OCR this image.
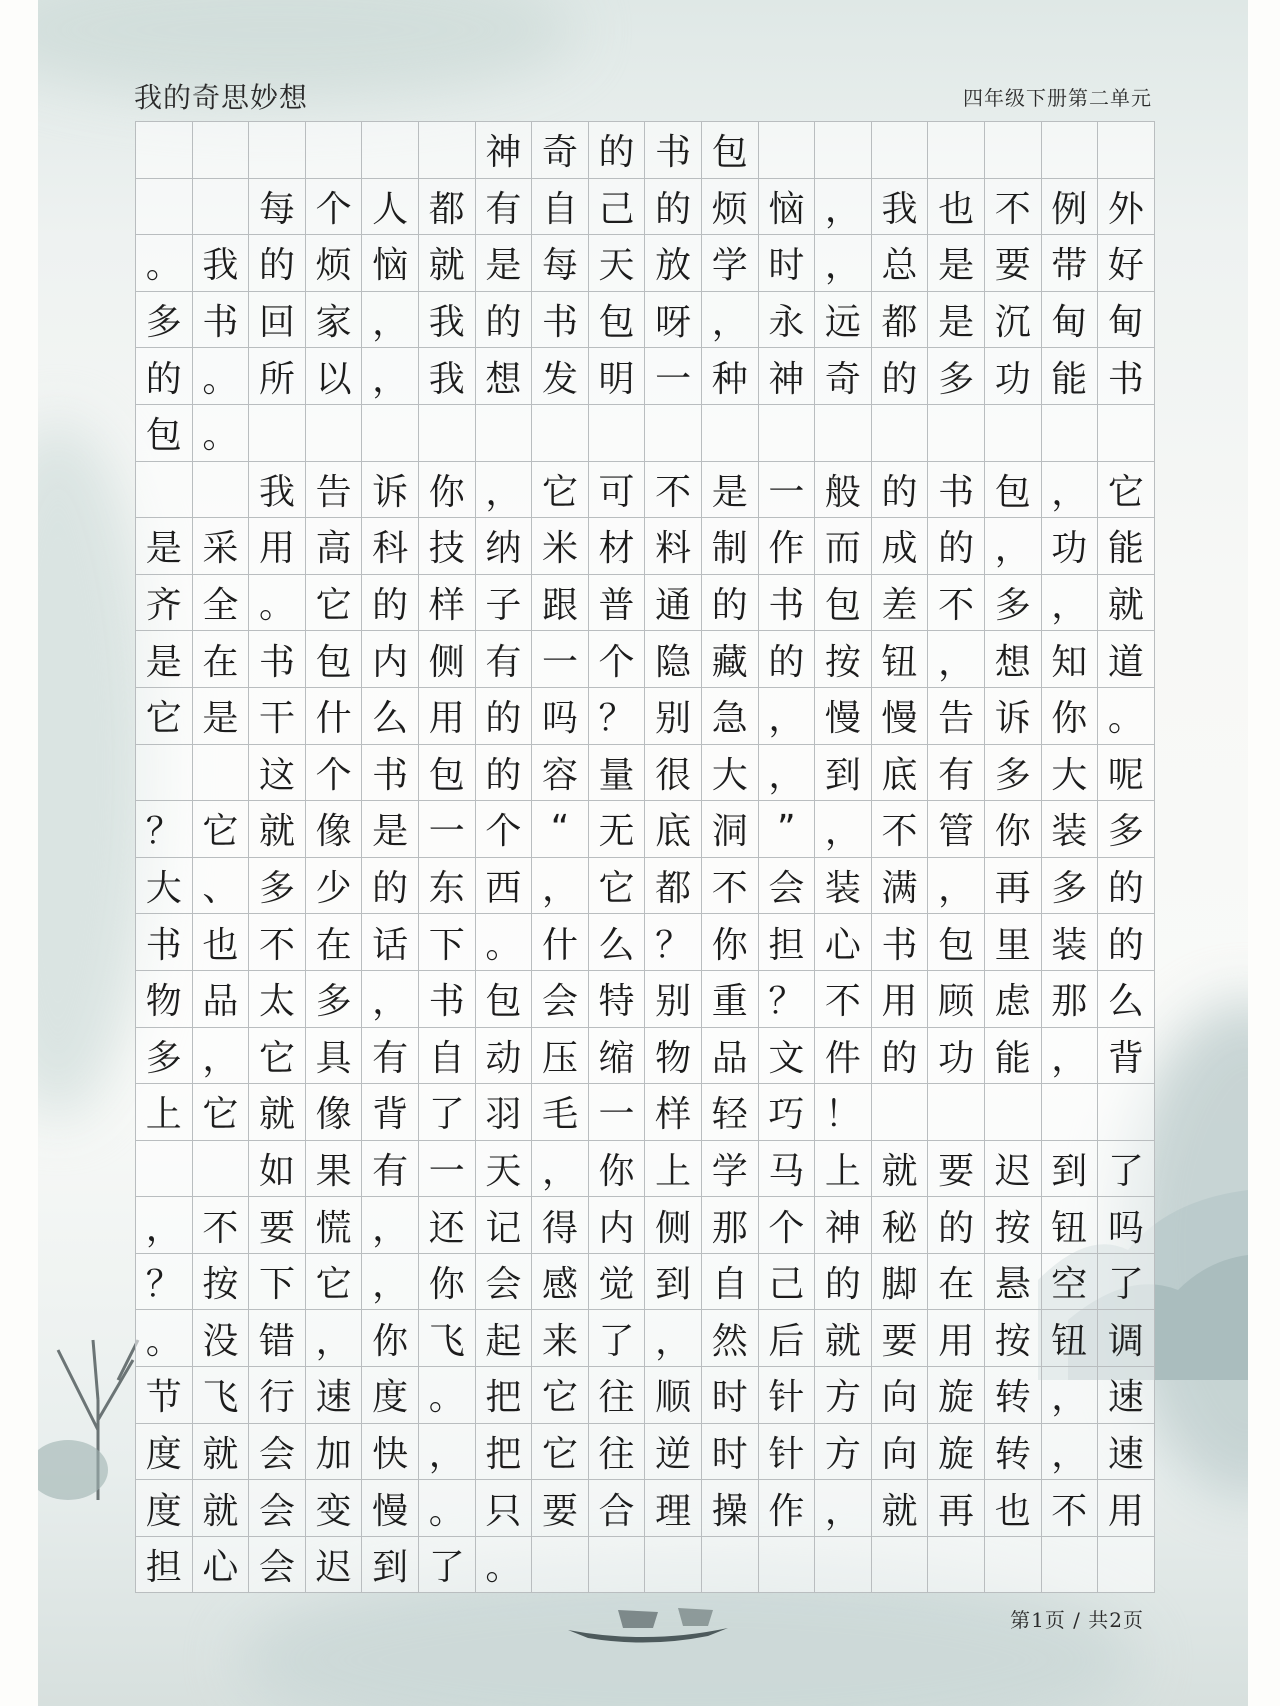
我的奇思妙想	四年级下册第二单元
神 奇 的 书 包
每 个 人 都 有 自 己 的 烦 恼 ， 我 也 不 例 外
。 我 的 烦 恼 就 是 每 天 放 学 时 ， 总 是 要 带 好
多 书 回 家 ， 我 的 书 包 呀 ， 永 远 都 是 沉 甸 甸
的 。 所 以 ， 我 想 发 明 一 种 神 奇 的 多 功 能 书
包 。
我 告 诉 你 ， 它 可 不 是 一 般 的 书 包 ， 它
是 采 用 高 科 技 纳 米 材 料 制 作 而 成 的 ， 功 能
齐 全 。 它 的 样 子 跟 普 通 的 书 包 差 不 多 ， 就
是 在 书 包 内 侧 有 一 个 隐 藏 的 按 钮 ， 想 知 道
它 是 干 什 么 用 的 吗 ？ 别 急 ， 慢 慢 告 诉 你 。
这 个 书 包 的 容 量 很 大 ， 到 底 有 多 大 呢
？ 它 就 像 是 一 个 “ 无 底 洞 ” ， 不 管 你 装 多
大 、 多 少 的 东 西 ， 它 都 不 会 装 满 ， 再 多 的
书 也 不 在 话 下 。 什 么 ？ 你 担 心 书 包 里 装 的
物 品 太 多 ， 书 包 会 特 别 重 ？ 不 用 顾 虑 那 么
多 ， 它 具 有 自 动 压 缩 物 品 文 件 的 功 能 ， 背
上 它 就 像 背 了 羽 毛 一 样 轻 巧 ！
如 果 有 一 天 ， 你 上 学 马 上 就 要 迟 到 了
， 不 要 慌 ， 还 记 得 内 侧 那 个 神 秘 的 按 钮 吗
？ 按 下 它 ， 你 会 感 觉 到 自 己 的 脚 在 悬 空 了
。 没 错 ， 你 飞 起 来 了 ， 然 后 就 要 用 按 钮 调
节 飞 行 速 度 。 把 它 往 顺 时 针 方 向 旋 转 ， 速
度 就 会 加 快 ， 把 它 往 逆 时 针 方 向 旋 转 ， 速
度 就 会 变 慢 。 只 要 合 理 操 作 ， 就 再 也 不 用
担 心 会 迟 到 了 。
第1页 / 共2页
